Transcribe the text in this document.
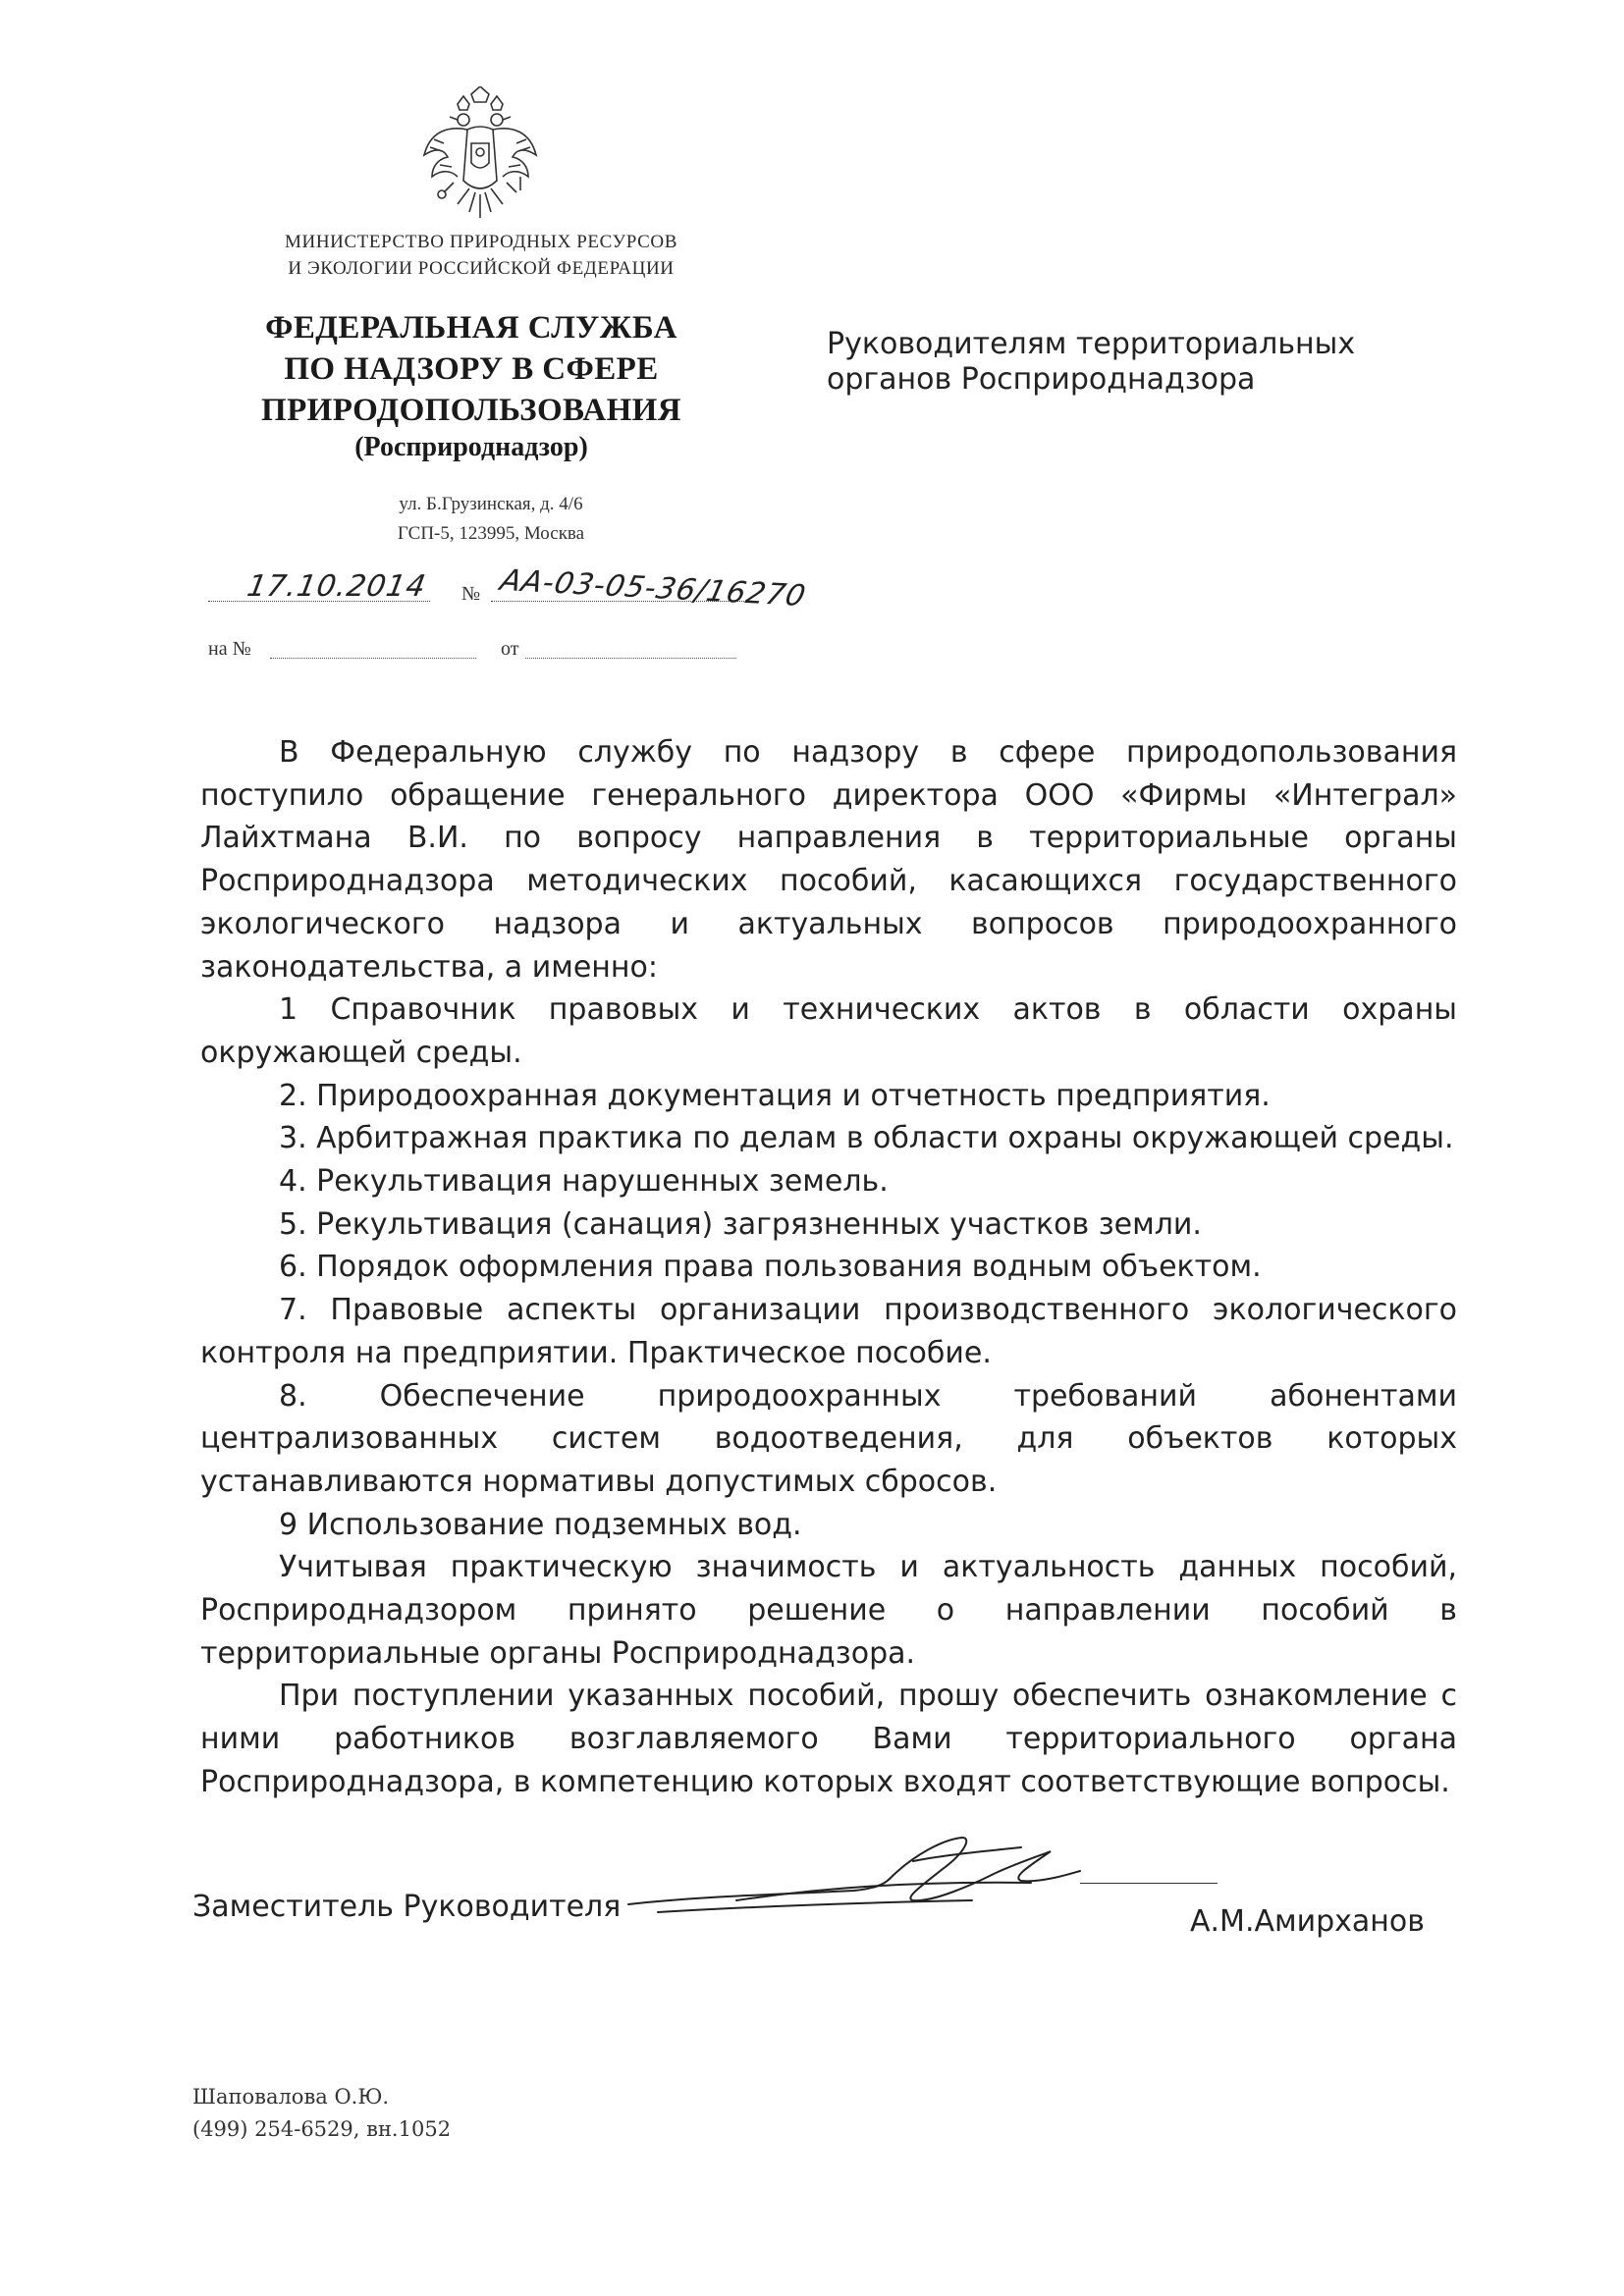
МИНИСТЕРСТВО ПРИРОДНЫХ РЕСУРСОВ
И ЭКОЛОГИИ РОССИЙСКОЙ ФЕДЕРАЦИИ
ФЕДЕРАЛЬНАЯ СЛУЖБА
ПО НАДЗОРУ В СФЕРЕ
ПРИРОДОПОЛЬЗОВАНИЯ
(Росприроднадзор)
ул. Б.Грузинская, д. 4/6
ГСП-5, 123995, Москва
17.10.2014 № АА-03-05-36/16270
на №	от
Руководителям территориальных
органов Росприроднадзора

В Федеральную службу по надзору в сфере природопользования поступило обращение генерального директора ООО «Фирмы «Интеграл» Лайхтмана В.И. по вопросу направления в территориальные органы Росприроднадзора методических пособий, касающихся государственного экологического надзора и актуальных вопросов природоохранного законодательства, а именно:

1 Справочник правовых и технических актов в области охраны окружающей среды.

2. Природоохранная документация и отчетность предприятия.

3. Арбитражная практика по делам в области охраны окружающей среды.

4. Рекультивация нарушенных земель.

5. Рекультивация (санация) загрязненных участков земли.

6. Порядок оформления права пользования водным объектом.

7. Правовые аспекты организации производственного экологического контроля на предприятии. Практическое пособие.

8. Обеспечение природоохранных требований абонентами централизованных систем водоотведения, для объектов которых устанавливаются нормативы допустимых сбросов.

9 Использование подземных вод.

Учитывая практическую значимость и актуальность данных пособий, Росприроднадзором принято решение о направлении пособий в территориальные органы Росприроднадзора.

При поступлении указанных пособий, прошу обеспечить ознакомление с ними работников возглавляемого Вами территориального органа Росприроднадзора, в компетенцию которых входят соответствующие вопросы.

Заместитель Руководителя	А.М.Амирханов
Шаповалова О.Ю.
(499) 254-6529, вн.1052
